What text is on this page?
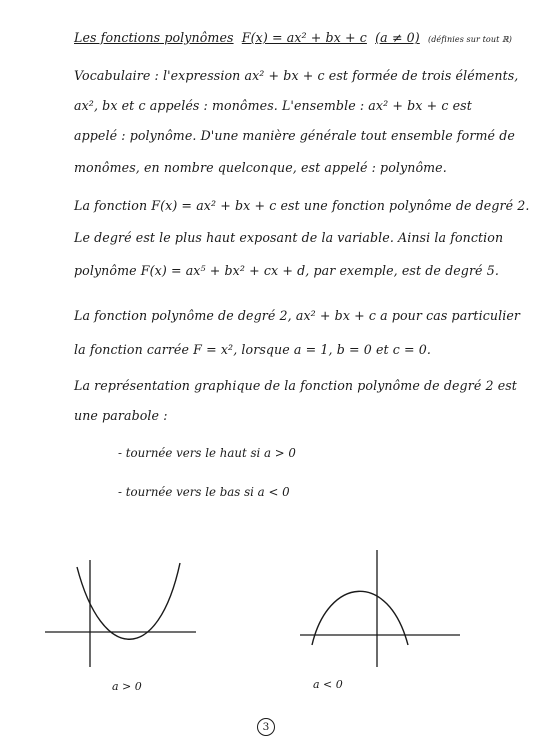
Les fonctions polynômes F(x) = ax² + bx + c (a ≠ 0) (définies sur tout ℝ)
Vocabulaire : l'expression ax² + bx + c est formée de trois éléments,
ax², bx et c appelés : monômes. L'ensemble : ax² + bx + c est
appelé : polynôme. D'une manière générale tout ensemble formé de
monômes, en nombre quelconque, est appelé : polynôme.
La fonction F(x) = ax² + bx + c est une fonction polynôme de degré 2.
Le degré est le plus haut exposant de la variable. Ainsi la fonction
polynôme F(x) = ax⁵ + bx² + cx + d, par exemple, est de degré 5.
La fonction polynôme de degré 2, ax² + bx + c a pour cas particulier
la fonction carrée F = x², lorsque a = 1, b = 0 et c = 0.
La représentation graphique de la fonction polynôme de degré 2 est
une parabole :
- tournée vers le haut si a > 0
- tournée vers le bas si a < 0
a > 0	a < 0
3
